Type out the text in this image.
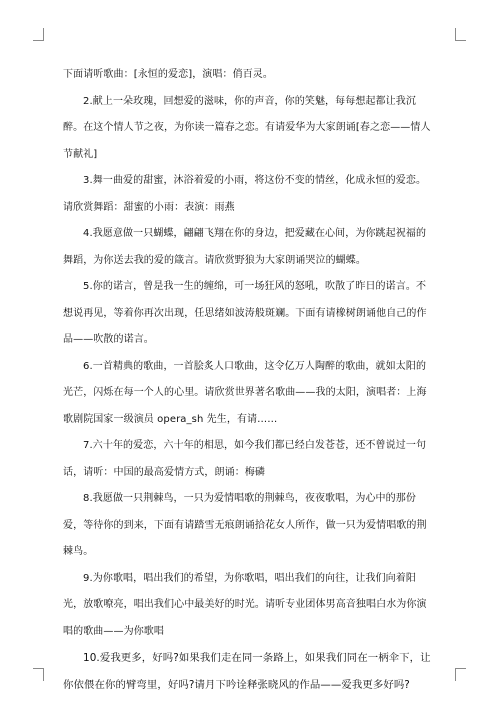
下面请听歌曲：[永恒的爱恋]，演唱：俏百灵。

2.献上一朵玫瑰，回想爱的滋味，你的声音，你的笑魅，每每想起都让我沉醉。在这个情人节之夜，为你读一篇春之恋。有请爱华为大家朗诵[春之恋——情人节献礼]

3.舞一曲爱的甜蜜，沐浴着爱的小雨，将这份不变的情丝，化成永恒的爱恋。请欣赏舞蹈：甜蜜的小雨：表演：雨燕

4.我愿意做一只蝴蝶，翩翩飞翔在你的身边，把爱藏在心间，为你跳起祝福的舞蹈，为你送去我的爱的箴言。请欣赏野狼为大家朗诵哭泣的蝴蝶。

5.你的诺言，曾是我一生的缠绵，可一场狂风的怒吼，吹散了昨日的诺言。不想说再见，等着你再次出现，任思绪如波涛般斑斓。下面有请橡树朗诵他自己的作品——吹散的诺言。

6.一首精典的歌曲，一首脍炙人口歌曲，这令亿万人陶醉的歌曲，就如太阳的光芒，闪烁在每一个人的心里。请欣赏世界著名歌曲——我的太阳，演唱者：上海歌剧院国家一级演员 opera_sh 先生，有请……

7.六十年的爱恋，六十年的相思，如今我们都已经白发苍苍，还不曾说过一句话，请听：中国的最高爱情方式，朗诵：梅磷

8.我愿做一只荆棘鸟，一只为爱情唱歌的荆棘鸟，夜夜歌唱，为心中的那份爱，等待你的到来，下面有请踏雪无痕朗诵拾花女人所作，做一只为爱情唱歌的荆棘鸟。

9.为你歌唱，唱出我们的希望，为你歌唱，唱出我们的向往，让我们向着阳光，放歌嘹亮，唱出我们心中最美好的时光。请听专业团体男高音独唱白水为你演唱的歌曲——为你歌唱

10.爱我更多，好吗?如果我们走在同一条路上，如果我们同在一柄伞下，让你依偎在你的臂弯里，好吗?请月下吟诠释张晓风的作品——爱我更多好吗?
